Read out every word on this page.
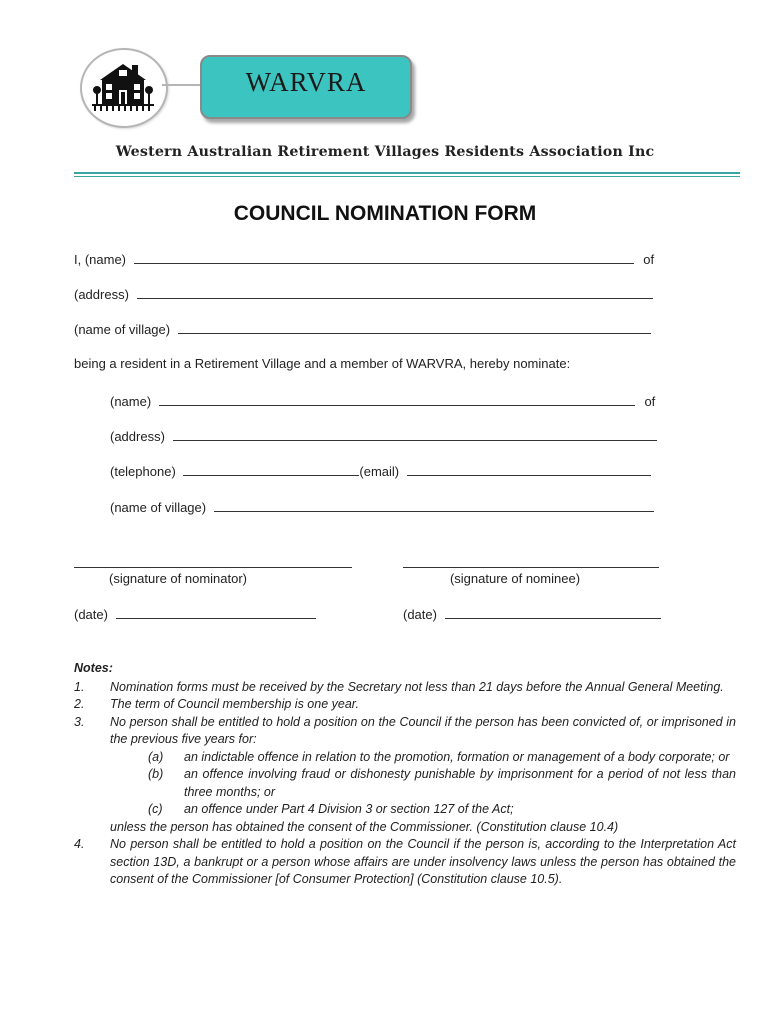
WARVRA
Western Australian Retirement Villages Residents Association Inc
COUNCIL NOMINATION FORM
I, (name)	of
(address)
(name of village)
being a resident in a Retirement Village and a member of WARVRA, hereby nominate:
(name)	of
(address)
(telephone)	(email)
(name of village)
(signature of nominator)	(signature of nominee)
(date)	(date)
Notes:
1. Nomination forms must be received by the Secretary not less than 21 days before the Annual General Meeting.
2. The term of Council membership is one year.
3. No person shall be entitled to hold a position on the Council if the person has been convicted of, or imprisoned in the previous five years for:
(a) an indictable offence in relation to the promotion, formation or management of a body corporate; or
(b) an offence involving fraud or dishonesty punishable by imprisonment for a period of not less than three months; or
(c) an offence under Part 4 Division 3 or section 127 of the Act;
unless the person has obtained the consent of the Commissioner. (Constitution clause 10.4)
4. No person shall be entitled to hold a position on the Council if the person is, according to the Interpretation Act section 13D, a bankrupt or a person whose affairs are under insolvency laws unless the person has obtained the consent of the Commissioner [of Consumer Protection] (Constitution clause 10.5).
